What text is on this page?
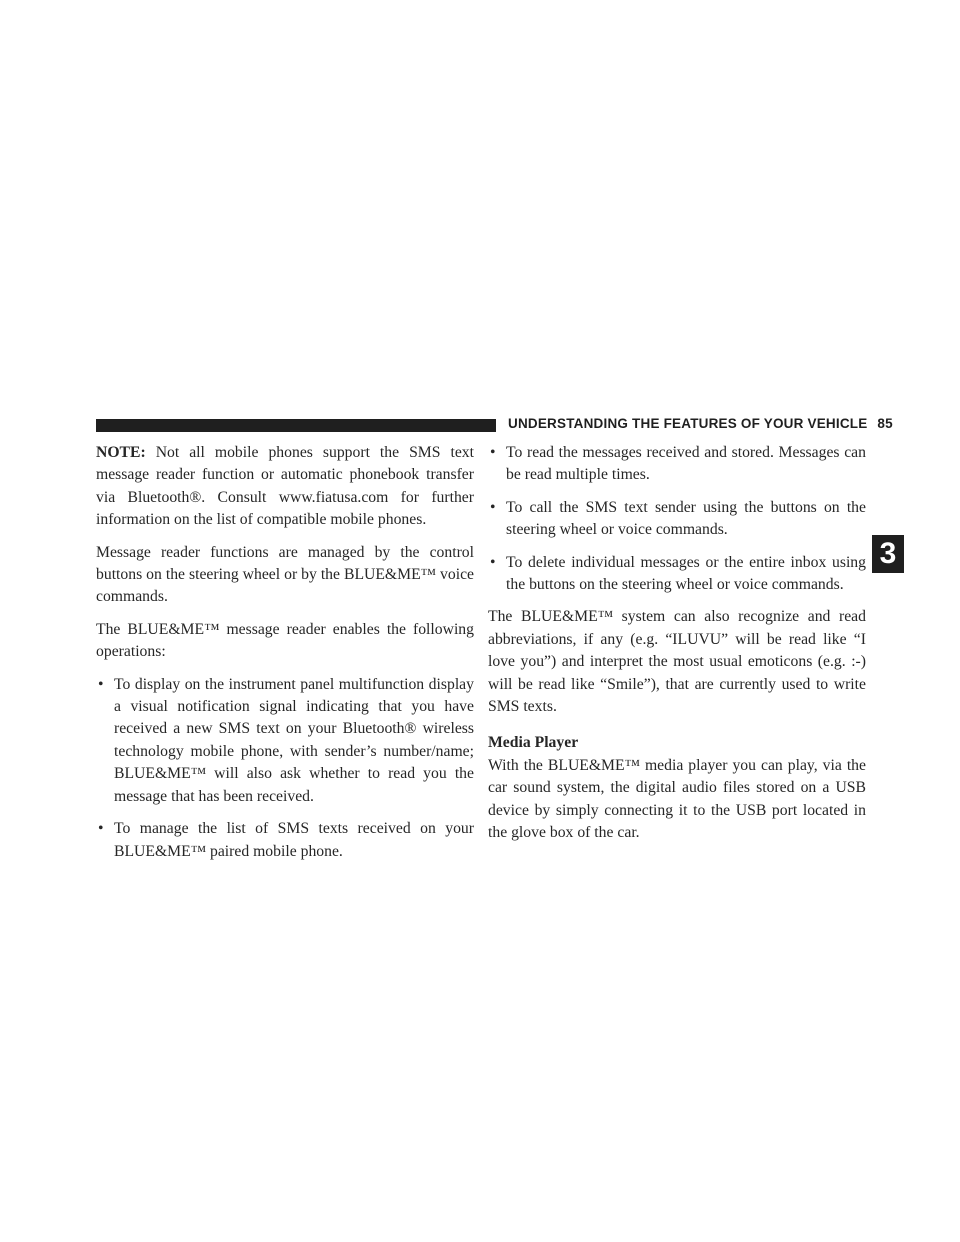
UNDERSTANDING THE FEATURES OF YOUR VEHICLE 85
3

NOTE: Not all mobile phones support the SMS text message reader function or automatic phonebook transfer via Bluetooth®. Consult www.fiatusa.com for further information on the list of compatible mobile phones.

Message reader functions are managed by the control buttons on the steering wheel or by the BLUE&ME™ voice commands.

The BLUE&ME™ message reader enables the following operations:

• To display on the instrument panel multifunction display a visual notification signal indicating that you have received a new SMS text on your Bluetooth® wireless technology mobile phone, with sender’s number/name; BLUE&ME™ will also ask whether to read you the message that has been received.
• To manage the list of SMS texts received on your BLUE&ME™ paired mobile phone.
• To read the messages received and stored. Messages can be read multiple times.
• To call the SMS text sender using the buttons on the steering wheel or voice commands.
• To delete individual messages or the entire inbox using the buttons on the steering wheel or voice commands.

The BLUE&ME™ system can also recognize and read abbreviations, if any (e.g. “ILUVU” will be read like “I love you”) and interpret the most usual emoticons (e.g. :-) will be read like “Smile”), that are currently used to write SMS texts.

Media Player

With the BLUE&ME™ media player you can play, via the car sound system, the digital audio files stored on a USB device by simply connecting it to the USB port located in the glove box of the car.
